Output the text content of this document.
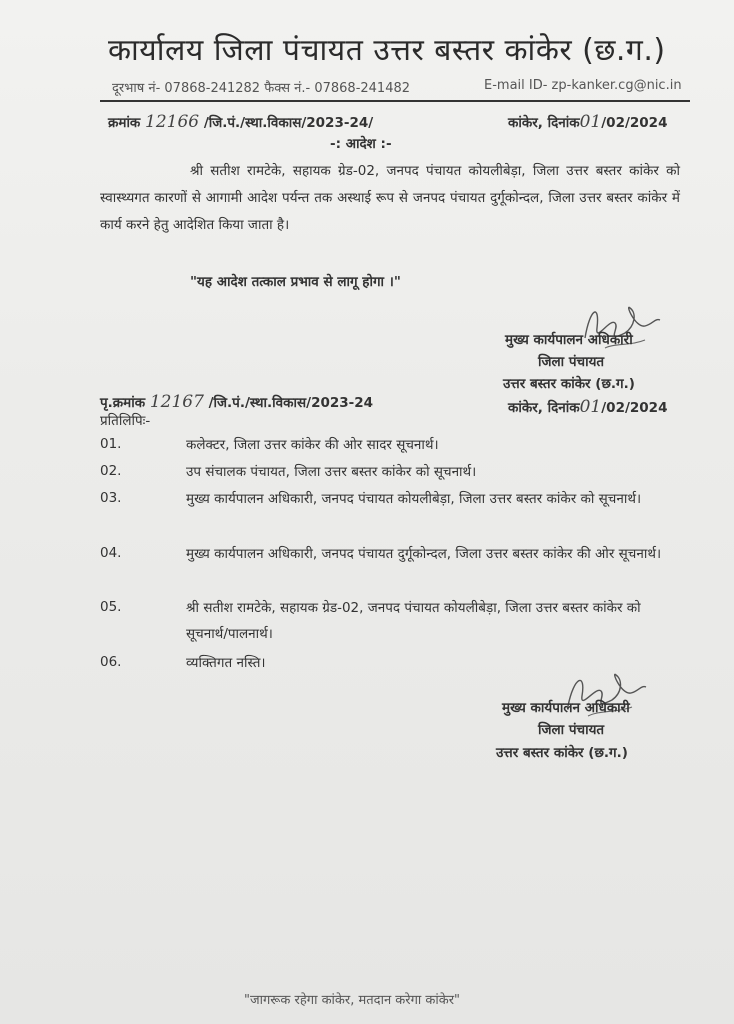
कार्यालय जिला पंचायत उत्तर बस्तर कांकेर (छ.ग.)
दूरभाष नं- 07868-241282 फैक्स नं.- 07868-241482	E-mail ID- zp-kanker.cg@nic.in
क्रमांक 12166 /जि.पं./स्था.विकास/2023-24/	कांकेर, दिनांक01/02/2024
-: आदेश :-
श्री सतीश रामटेके, सहायक ग्रेड-02, जनपद पंचायत कोयलीबेड़ा, जिला उत्तर बस्तर कांकेर को स्वास्थ्यगत कारणों से आगामी आदेश पर्यन्त तक अस्थाई रूप से जनपद पंचायत दुर्गूकोन्दल, जिला उत्तर बस्तर कांकेर में कार्य करने हेतु आदेशित किया जाता है।
"यह आदेश तत्काल प्रभाव से लागू होगा ।"
मुख्य कार्यपालन अधिकारी
जिला पंचायत
उत्तर बस्तर कांकेर (छ.ग.)
पृ.क्रमांक 12167 /जि.पं./स्था.विकास/2023-24	कांकेर, दिनांक01/02/2024
प्रतिलिपिः-
01.	कलेक्टर, जिला उत्तर कांकेर की ओर सादर सूचनार्थ।
02.	उप संचालक पंचायत, जिला उत्तर बस्तर कांकेर को सूचनार्थ।
03.	मुख्य कार्यपालन अधिकारी, जनपद पंचायत कोयलीबेड़ा, जिला उत्तर बस्तर कांकेर को सूचनार्थ।
04.	मुख्य कार्यपालन अधिकारी, जनपद पंचायत दुर्गूकोन्दल, जिला उत्तर बस्तर कांकेर की ओर सूचनार्थ।
05.	श्री सतीश रामटेके, सहायक ग्रेड-02, जनपद पंचायत कोयलीबेड़ा, जिला उत्तर बस्तर कांकेर को सूचनार्थ/पालनार्थ।
06.	व्यक्तिगत नस्ति।
मुख्य कार्यपालन अधिकारी
जिला पंचायत
उत्तर बस्तर कांकेर (छ.ग.)
"जागरूक रहेगा कांकेर, मतदान करेगा कांकेर"
